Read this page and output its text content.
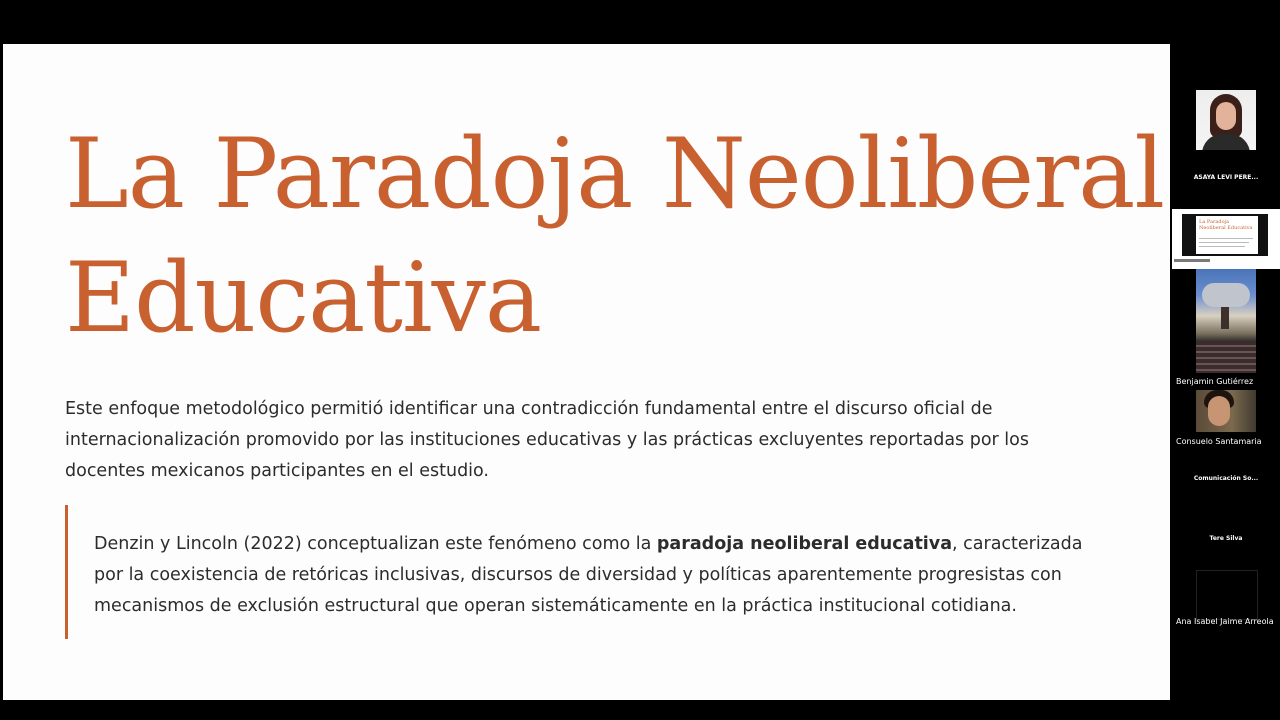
La Paradoja Neoliberal
Educativa

Este enfoque metodológico permitió identificar una contradicción fundamental entre el discurso oficial de internacionalización promovido por las instituciones educativas y las prácticas excluyentes reportadas por los docentes mexicanos participantes en el estudio.

Denzin y Lincoln (2022) conceptualizan este fenómeno como la paradoja neoliberal educativa, caracterizada por la coexistencia de retóricas inclusivas, discursos de diversidad y políticas aparentemente progresistas con mecanismos de exclusión estructural que operan sistemáticamente en la práctica institucional cotidiana.

ASAYA LEVI PERE...
La Paradoja Neoliberal Educativa
Benjamin Gutiérrez
Consuelo Santamaria
Comunicación So...
Tere Silva
Ana Isabel Jaime Arreola
